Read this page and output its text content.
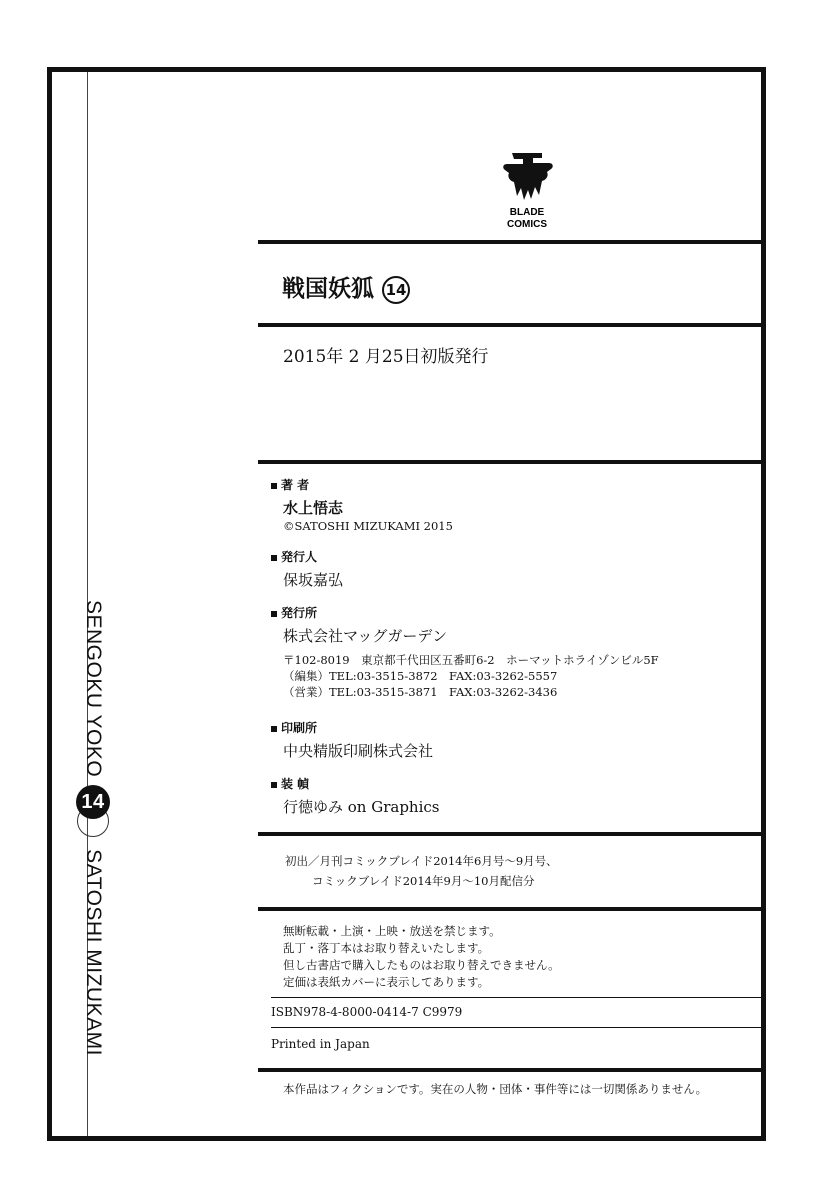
SENGOKU YOKO
14
SATOSHI MIZUKAMI
BLADE
COMICS
戦国妖狐 14
2015年 2 月25日初版発行
著 者
水上悟志
©SATOSHI MIZUKAMI 2015
発行人
保坂嘉弘
発行所
株式会社マッグガーデン
〒102-8019　東京都千代田区五番町6-2　ホーマットホライゾンビル5F
（編集）TEL:03-3515-3872　FAX:03-3262-5557
（営業）TEL:03-3515-3871　FAX:03-3262-3436
印刷所
中央精版印刷株式会社
装 幀
行徳ゆみ on Graphics
初出／月刊コミックブレイド2014年6月号～9月号、
コミックブレイド2014年9月～10月配信分
無断転載・上演・上映・放送を禁じます。
乱丁・落丁本はお取り替えいたします。
但し古書店で購入したものはお取り替えできません。
定価は表紙カバーに表示してあります。
ISBN978-4-8000-0414-7 C9979
Printed in Japan
本作品はフィクションです。実在の人物・団体・事件等には一切関係ありません。
